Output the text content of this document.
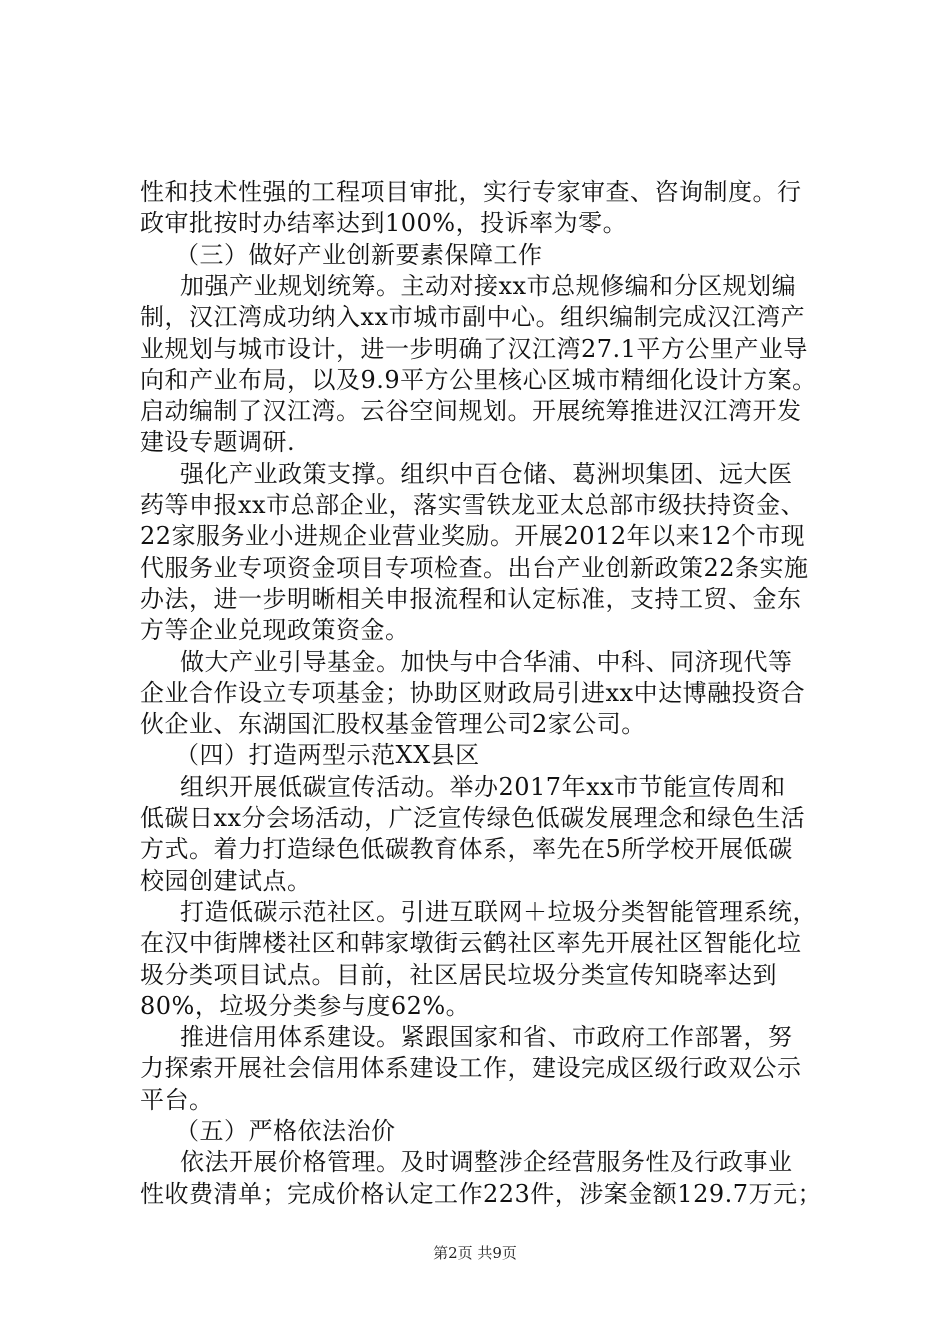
性和技术性强的工程项目审批，实行专家审查、咨询制度。行
政审批按时办结率达到100%，投诉率为零。
（三）做好产业创新要素保障工作
加强产业规划统筹。主动对接xx市总规修编和分区规划编
制，汉江湾成功纳入xx市城市副中心。组织编制完成汉江湾产
业规划与城市设计，进一步明确了汉江湾27.1平方公里产业导
向和产业布局，以及9.9平方公里核心区城市精细化设计方案。
启动编制了汉江湾。云谷空间规划。开展统筹推进汉江湾开发
建设专题调研.
强化产业政策支撑。组织中百仓储、葛洲坝集团、远大医
药等申报xx市总部企业，落实雪铁龙亚太总部市级扶持资金、
22家服务业小进规企业营业奖励。开展2012年以来12个市现
代服务业专项资金项目专项检查。出台产业创新政策22条实施
办法，进一步明晰相关申报流程和认定标准，支持工贸、金东
方等企业兑现政策资金。
做大产业引导基金。加快与中合华浦、中科、同济现代等
企业合作设立专项基金；协助区财政局引进xx中达博融投资合
伙企业、东湖国汇股权基金管理公司2家公司。
（四）打造两型示范XX县区
组织开展低碳宣传活动。举办2017年xx市节能宣传周和
低碳日xx分会场活动，广泛宣传绿色低碳发展理念和绿色生活
方式。着力打造绿色低碳教育体系，率先在5所学校开展低碳
校园创建试点。
打造低碳示范社区。引进互联网＋垃圾分类智能管理系统，
在汉中街牌楼社区和韩家墩街云鹤社区率先开展社区智能化垃
圾分类项目试点。目前，社区居民垃圾分类宣传知晓率达到
80%，垃圾分类参与度62%。
推进信用体系建设。紧跟国家和省、市政府工作部署，努
力探索开展社会信用体系建设工作，建设完成区级行政双公示
平台。
（五）严格依法治价
依法开展价格管理。及时调整涉企经营服务性及行政事业
性收费清单；完成价格认定工作223件，涉案金额129.7万元；
第2页 共9页
